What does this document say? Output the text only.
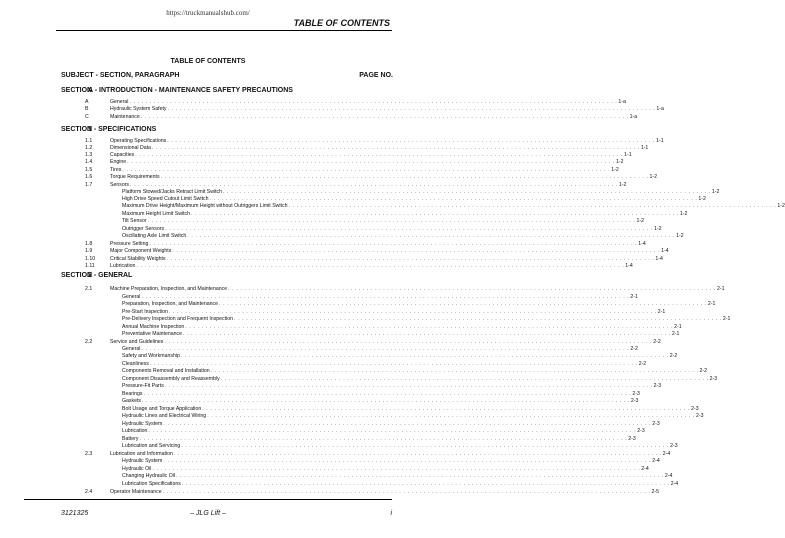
https://truckmanualshub.com/
TABLE OF CONTENTS
TABLE OF CONTENTS
SUBJECT - SECTION, PARAGRAPH	PAGE NO.
SECTION
A - INTRODUCTION - MAINTENANCE SAFETY PRECAUTIONS
SECTION
1 - SPECIFICATIONS
SECTION
2 - GENERAL
A	General . . . . . . . . . . . . . . . . . . . . . . . . . . . . . . . . . . . . . . . . . . . . . . . . . . . . . . . . . . . . . . . . . . . . . . . . . . . . . . . . . . . . . . . . . . . . . . . . . . . . . . . . . . . . . . . . . . . . . . . . 1-a
B	Hydraulic System Safety . . . . . . . . . . . . . . . . . . . . . . . . . . . . . . . . . . . . . . . . . . . . . . . . . . . . . . . . . . . . . . . . . . . . . . . . . . . . . . . . . . . . . . . . . . . . . . . . . . . . . . . . . . . . . . . . . . . . . . . . 1-a
C	Maintenance . . . . . . . . . . . . . . . . . . . . . . . . . . . . . . . . . . . . . . . . . . . . . . . . . . . . . . . . . . . . . . . . . . . . . . . . . . . . . . . . . . . . . . . . . . . . . . . . . . . . . . . . . . . . . . . . . . . . . . . . 1-a
1.1	Operating Specifications . . . . . . . . . . . . . . . . . . . . . . . . . . . . . . . . . . . . . . . . . . . . . . . . . . . . . . . . . . . . . . . . . . . . . . . . . . . . . . . . . . . . . . . . . . . . . . . . . . . . . . . . . . . . . . . . . . . . . . . . 1-1
1.2	Dimensional Data . . . . . . . . . . . . . . . . . . . . . . . . . . . . . . . . . . . . . . . . . . . . . . . . . . . . . . . . . . . . . . . . . . . . . . . . . . . . . . . . . . . . . . . . . . . . . . . . . . . . . . . . . . . . . . . . . . . . . . . . 1-1
1.3	Capacities . . . . . . . . . . . . . . . . . . . . . . . . . . . . . . . . . . . . . . . . . . . . . . . . . . . . . . . . . . . . . . . . . . . . . . . . . . . . . . . . . . . . . . . . . . . . . . . . . . . . . . . . . . . . . . . . . . . . . . . . 1-1
1.4	Engine . . . . . . . . . . . . . . . . . . . . . . . . . . . . . . . . . . . . . . . . . . . . . . . . . . . . . . . . . . . . . . . . . . . . . . . . . . . . . . . . . . . . . . . . . . . . . . . . . . . . . . . . . . . . . . . . . . . . . . . . 1-2
1.5	Tires . . . . . . . . . . . . . . . . . . . . . . . . . . . . . . . . . . . . . . . . . . . . . . . . . . . . . . . . . . . . . . . . . . . . . . . . . . . . . . . . . . . . . . . . . . . . . . . . . . . . . . . . . . . . . . . . . . . . . . . . 1-2
1.6	Torque Requirements . . . . . . . . . . . . . . . . . . . . . . . . . . . . . . . . . . . . . . . . . . . . . . . . . . . . . . . . . . . . . . . . . . . . . . . . . . . . . . . . . . . . . . . . . . . . . . . . . . . . . . . . . . . . . . . . . . . . . . . . 1-2
1.7	Sensors . . . . . . . . . . . . . . . . . . . . . . . . . . . . . . . . . . . . . . . . . . . . . . . . . . . . . . . . . . . . . . . . . . . . . . . . . . . . . . . . . . . . . . . . . . . . . . . . . . . . . . . . . . . . . . . . . . . . . . . . 1-2
Platform Stowed/Jacks Retract Limit Switch . . . . . . . . . . . . . . . . . . . . . . . . . . . . . . . . . . . . . . . . . . . . . . . . . . . . . . . . . . . . . . . . . . . . . . . . . . . . . . . . . . . . . . . . . . . . . . . . . . . . . . . . . . . . . . . . . . . . . . . . 1-2
High Drive Speed Cutout Limit Switch . . . . . . . . . . . . . . . . . . . . . . . . . . . . . . . . . . . . . . . . . . . . . . . . . . . . . . . . . . . . . . . . . . . . . . . . . . . . . . . . . . . . . . . . . . . . . . . . . . . . . . . . . . . . . . . . . . . . . . . . 1-2
Maximum Drive Height/Maximum Height without Outriggers Limit Switch . . . . . . . . . . . . . . . . . . . . . . . . . . . . . . . . . . . . . . . . . . . . . . . . . . . . . . . . . . . . . . . . . . . . . . . . . . . . . . . . . . . . . . . . . . . . . . . . . . . . . . . . . . . . . . . . . . . . . . . . 1-2
Maximum Height Limit Switch . . . . . . . . . . . . . . . . . . . . . . . . . . . . . . . . . . . . . . . . . . . . . . . . . . . . . . . . . . . . . . . . . . . . . . . . . . . . . . . . . . . . . . . . . . . . . . . . . . . . . . . . . . . . . . . . . . . . . . . . 1-2
Tilt Sensor . . . . . . . . . . . . . . . . . . . . . . . . . . . . . . . . . . . . . . . . . . . . . . . . . . . . . . . . . . . . . . . . . . . . . . . . . . . . . . . . . . . . . . . . . . . . . . . . . . . . . . . . . . . . . . . . . . . . . . . . 1-2
Outrigger Sensors . . . . . . . . . . . . . . . . . . . . . . . . . . . . . . . . . . . . . . . . . . . . . . . . . . . . . . . . . . . . . . . . . . . . . . . . . . . . . . . . . . . . . . . . . . . . . . . . . . . . . . . . . . . . . . . . . . . . . . . . 1-2
Oscillating Axle Limit Switch . . . . . . . . . . . . . . . . . . . . . . . . . . . . . . . . . . . . . . . . . . . . . . . . . . . . . . . . . . . . . . . . . . . . . . . . . . . . . . . . . . . . . . . . . . . . . . . . . . . . . . . . . . . . . . . . . . . . . . . . 1-2
1.8	Pressure Setting . . . . . . . . . . . . . . . . . . . . . . . . . . . . . . . . . . . . . . . . . . . . . . . . . . . . . . . . . . . . . . . . . . . . . . . . . . . . . . . . . . . . . . . . . . . . . . . . . . . . . . . . . . . . . . . . . . . . . . . . 1-4
1.9	Major Component Weights . . . . . . . . . . . . . . . . . . . . . . . . . . . . . . . . . . . . . . . . . . . . . . . . . . . . . . . . . . . . . . . . . . . . . . . . . . . . . . . . . . . . . . . . . . . . . . . . . . . . . . . . . . . . . . . . . . . . . . . . 1-4
1.10	Critical Stability Weights . . . . . . . . . . . . . . . . . . . . . . . . . . . . . . . . . . . . . . . . . . . . . . . . . . . . . . . . . . . . . . . . . . . . . . . . . . . . . . . . . . . . . . . . . . . . . . . . . . . . . . . . . . . . . . . . . . . . . . . . 1-4
1.11	Lubrication . . . . . . . . . . . . . . . . . . . . . . . . . . . . . . . . . . . . . . . . . . . . . . . . . . . . . . . . . . . . . . . . . . . . . . . . . . . . . . . . . . . . . . . . . . . . . . . . . . . . . . . . . . . . . . . . . . . . . . . . 1-4
2.1	Machine Preparation, Inspection, and Maintenance . . . . . . . . . . . . . . . . . . . . . . . . . . . . . . . . . . . . . . . . . . . . . . . . . . . . . . . . . . . . . . . . . . . . . . . . . . . . . . . . . . . . . . . . . . . . . . . . . . . . . . . . . . . . . . . . . . . . . . . . 2-1
General . . . . . . . . . . . . . . . . . . . . . . . . . . . . . . . . . . . . . . . . . . . . . . . . . . . . . . . . . . . . . . . . . . . . . . . . . . . . . . . . . . . . . . . . . . . . . . . . . . . . . . . . . . . . . . . . . . . . . . . . 2-1
Preparation, Inspection, and Maintenance . . . . . . . . . . . . . . . . . . . . . . . . . . . . . . . . . . . . . . . . . . . . . . . . . . . . . . . . . . . . . . . . . . . . . . . . . . . . . . . . . . . . . . . . . . . . . . . . . . . . . . . . . . . . . . . . . . . . . . . . 2-1
Pre-Start Inspection . . . . . . . . . . . . . . . . . . . . . . . . . . . . . . . . . . . . . . . . . . . . . . . . . . . . . . . . . . . . . . . . . . . . . . . . . . . . . . . . . . . . . . . . . . . . . . . . . . . . . . . . . . . . . . . . . . . . . . . . 2-1
Pre-Delivery Inspection and Frequent Inspection . . . . . . . . . . . . . . . . . . . . . . . . . . . . . . . . . . . . . . . . . . . . . . . . . . . . . . . . . . . . . . . . . . . . . . . . . . . . . . . . . . . . . . . . . . . . . . . . . . . . . . . . . . . . . . . . . . . . . . . . 2-1
Annual Machine Inspection . . . . . . . . . . . . . . . . . . . . . . . . . . . . . . . . . . . . . . . . . . . . . . . . . . . . . . . . . . . . . . . . . . . . . . . . . . . . . . . . . . . . . . . . . . . . . . . . . . . . . . . . . . . . . . . . . . . . . . . . 2-1
Preventative Maintenance . . . . . . . . . . . . . . . . . . . . . . . . . . . . . . . . . . . . . . . . . . . . . . . . . . . . . . . . . . . . . . . . . . . . . . . . . . . . . . . . . . . . . . . . . . . . . . . . . . . . . . . . . . . . . . . . . . . . . . . . 2-1
2.2	Service and Guidelines . . . . . . . . . . . . . . . . . . . . . . . . . . . . . . . . . . . . . . . . . . . . . . . . . . . . . . . . . . . . . . . . . . . . . . . . . . . . . . . . . . . . . . . . . . . . . . . . . . . . . . . . . . . . . . . . . . . . . . . . 2-2
General . . . . . . . . . . . . . . . . . . . . . . . . . . . . . . . . . . . . . . . . . . . . . . . . . . . . . . . . . . . . . . . . . . . . . . . . . . . . . . . . . . . . . . . . . . . . . . . . . . . . . . . . . . . . . . . . . . . . . . . . 2-2
Safety and Workmanship . . . . . . . . . . . . . . . . . . . . . . . . . . . . . . . . . . . . . . . . . . . . . . . . . . . . . . . . . . . . . . . . . . . . . . . . . . . . . . . . . . . . . . . . . . . . . . . . . . . . . . . . . . . . . . . . . . . . . . . . 2-2
Cleanliness . . . . . . . . . . . . . . . . . . . . . . . . . . . . . . . . . . . . . . . . . . . . . . . . . . . . . . . . . . . . . . . . . . . . . . . . . . . . . . . . . . . . . . . . . . . . . . . . . . . . . . . . . . . . . . . . . . . . . . . . 2-2
Components Removal and Installation . . . . . . . . . . . . . . . . . . . . . . . . . . . . . . . . . . . . . . . . . . . . . . . . . . . . . . . . . . . . . . . . . . . . . . . . . . . . . . . . . . . . . . . . . . . . . . . . . . . . . . . . . . . . . . . . . . . . . . . . 2-2
Component Disassembly and Reassembly . . . . . . . . . . . . . . . . . . . . . . . . . . . . . . . . . . . . . . . . . . . . . . . . . . . . . . . . . . . . . . . . . . . . . . . . . . . . . . . . . . . . . . . . . . . . . . . . . . . . . . . . . . . . . . . . . . . . . . . . 2-3
Pressure-Fit Parts . . . . . . . . . . . . . . . . . . . . . . . . . . . . . . . . . . . . . . . . . . . . . . . . . . . . . . . . . . . . . . . . . . . . . . . . . . . . . . . . . . . . . . . . . . . . . . . . . . . . . . . . . . . . . . . . . . . . . . . . 2-3
Bearings . . . . . . . . . . . . . . . . . . . . . . . . . . . . . . . . . . . . . . . . . . . . . . . . . . . . . . . . . . . . . . . . . . . . . . . . . . . . . . . . . . . . . . . . . . . . . . . . . . . . . . . . . . . . . . . . . . . . . . . . 2-3
Gaskets . . . . . . . . . . . . . . . . . . . . . . . . . . . . . . . . . . . . . . . . . . . . . . . . . . . . . . . . . . . . . . . . . . . . . . . . . . . . . . . . . . . . . . . . . . . . . . . . . . . . . . . . . . . . . . . . . . . . . . . . 2-3
Bolt Usage and Torque Application . . . . . . . . . . . . . . . . . . . . . . . . . . . . . . . . . . . . . . . . . . . . . . . . . . . . . . . . . . . . . . . . . . . . . . . . . . . . . . . . . . . . . . . . . . . . . . . . . . . . . . . . . . . . . . . . . . . . . . . . 2-3
Hydraulic Lines and Electrical Wiring . . . . . . . . . . . . . . . . . . . . . . . . . . . . . . . . . . . . . . . . . . . . . . . . . . . . . . . . . . . . . . . . . . . . . . . . . . . . . . . . . . . . . . . . . . . . . . . . . . . . . . . . . . . . . . . . . . . . . . . . 2-3
Hydraulic System . . . . . . . . . . . . . . . . . . . . . . . . . . . . . . . . . . . . . . . . . . . . . . . . . . . . . . . . . . . . . . . . . . . . . . . . . . . . . . . . . . . . . . . . . . . . . . . . . . . . . . . . . . . . . . . . . . . . . . . . 2-3
Lubrication . . . . . . . . . . . . . . . . . . . . . . . . . . . . . . . . . . . . . . . . . . . . . . . . . . . . . . . . . . . . . . . . . . . . . . . . . . . . . . . . . . . . . . . . . . . . . . . . . . . . . . . . . . . . . . . . . . . . . . . . 2-3
Battery . . . . . . . . . . . . . . . . . . . . . . . . . . . . . . . . . . . . . . . . . . . . . . . . . . . . . . . . . . . . . . . . . . . . . . . . . . . . . . . . . . . . . . . . . . . . . . . . . . . . . . . . . . . . . . . . . . . . . . . . 2-3
Lubrication and Servicing . . . . . . . . . . . . . . . . . . . . . . . . . . . . . . . . . . . . . . . . . . . . . . . . . . . . . . . . . . . . . . . . . . . . . . . . . . . . . . . . . . . . . . . . . . . . . . . . . . . . . . . . . . . . . . . . . . . . . . . . 2-3
2.3	Lubrication and Information . . . . . . . . . . . . . . . . . . . . . . . . . . . . . . . . . . . . . . . . . . . . . . . . . . . . . . . . . . . . . . . . . . . . . . . . . . . . . . . . . . . . . . . . . . . . . . . . . . . . . . . . . . . . . . . . . . . . . . . . 2-4
Hydraulic System . . . . . . . . . . . . . . . . . . . . . . . . . . . . . . . . . . . . . . . . . . . . . . . . . . . . . . . . . . . . . . . . . . . . . . . . . . . . . . . . . . . . . . . . . . . . . . . . . . . . . . . . . . . . . . . . . . . . . . . . 2-4
Hydraulic Oil . . . . . . . . . . . . . . . . . . . . . . . . . . . . . . . . . . . . . . . . . . . . . . . . . . . . . . . . . . . . . . . . . . . . . . . . . . . . . . . . . . . . . . . . . . . . . . . . . . . . . . . . . . . . . . . . . . . . . . . . 2-4
Changing Hydraulic Oil . . . . . . . . . . . . . . . . . . . . . . . . . . . . . . . . . . . . . . . . . . . . . . . . . . . . . . . . . . . . . . . . . . . . . . . . . . . . . . . . . . . . . . . . . . . . . . . . . . . . . . . . . . . . . . . . . . . . . . . . 2-4
Lubrication Specifications . . . . . . . . . . . . . . . . . . . . . . . . . . . . . . . . . . . . . . . . . . . . . . . . . . . . . . . . . . . . . . . . . . . . . . . . . . . . . . . . . . . . . . . . . . . . . . . . . . . . . . . . . . . . . . . . . . . . . . . . 2-4
2.4	Operator Maintenance . . . . . . . . . . . . . . . . . . . . . . . . . . . . . . . . . . . . . . . . . . . . . . . . . . . . . . . . . . . . . . . . . . . . . . . . . . . . . . . . . . . . . . . . . . . . . . . . . . . . . . . . . . . . . . . . . . . . . . . . 2-5
3121325	– JLG Lift –	i
